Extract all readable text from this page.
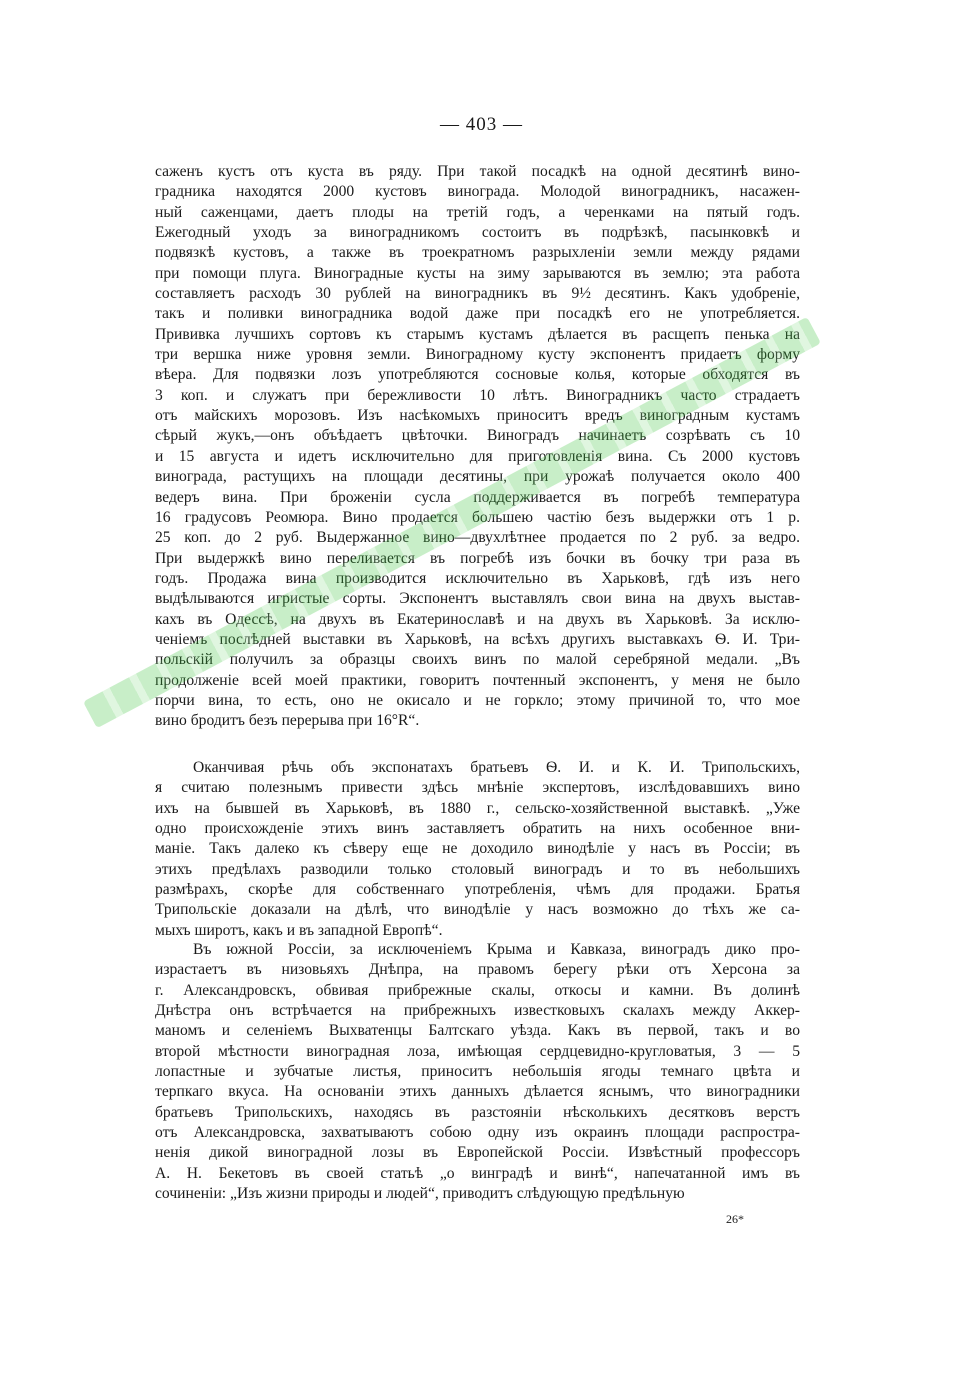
— 403 —
саженъ кустъ отъ куста въ ряду. При такой посадкѣ на одной десятинѣ вино-
градника находятся 2000 кустовъ винограда. Молодой виноградникъ, насажен-
ный саженцами, даетъ плоды на третій годъ, а черенками на пятый годъ.
Ежегодный уходъ за виноградникомъ состоитъ въ подрѣзкѣ, пасынковкѣ и
подвязкѣ кустовъ, а также въ троекратномъ разрыхленіи земли между рядами
при помощи плуга. Виноградные кусты на зиму зарываются въ землю; эта работа
составляетъ расходъ 30 рублей на виноградникъ въ 9½ десятинъ. Какъ удобреніе,
такъ и поливки виноградника водой даже при посадкѣ его не употребляется.
Прививка лучшихъ сортовъ къ старымъ кустамъ дѣлается въ расщепъ пенька на
три вершка ниже уровня земли. Виноградному кусту экспонентъ придаетъ форму
вѣера. Для подвязки лозъ употребляются сосновые колья, которые обходятся въ
3 коп. и служатъ при бережливости 10 лѣтъ. Виноградникъ часто страдаетъ
отъ майскихъ морозовъ. Изъ насѣкомыхъ приноситъ вредъ виноградным кустамъ
сѣрый жукъ,—онъ объѣдаетъ цвѣточки. Виноградъ начинаетъ созрѣвать съ 10
и 15 августа и идетъ исключительно для приготовленія вина. Съ 2000 кустовъ
винограда, растущихъ на площади десятины, при урожаѣ получается около 400
ведеръ вина. При броженіи сусла поддерживается въ погребѣ температура
16 градусовъ Реомюра. Вино продается большею частію безъ выдержки отъ 1 р.
25 коп. до 2 руб. Выдержанное вино—двухлѣтнее продается по 2 руб. за ведро.
При выдержкѣ вино переливается въ погребѣ изъ бочки въ бочку три раза въ
годъ. Продажа вина производится исключительно въ Харьковѣ, гдѣ изъ него
выдѣлываются игристые сорты. Экспонентъ выставлялъ свои вина на двухъ выстав-
кахъ въ Одессѣ, на двухъ въ Екатеринославѣ и на двухъ въ Харьковѣ. За исклю-
ченіемъ послѣдней выставки въ Харьковѣ, на всѣхъ другихъ выставкахъ Ѳ. И. Три-
польскій получилъ за образцы своихъ винъ по малой серебряной медали. „Въ
продолженіе всей моей практики, говоритъ почтенный экспонентъ, у меня не было
порчи вина, то есть, оно не окисало и не горкло; этому причиной то, что мое
вино бродитъ безъ перерыва при 16°R“.
Оканчивая рѣчь объ экспонатахъ братьевъ Ѳ. И. и К. И. Трипольскихъ,
я считаю полезнымъ привести здѣсь мнѣніе экспертовъ, изслѣдовавшихъ вино
ихъ на бывшей въ Харьковѣ, въ 1880 г., сельско-хозяйственной выставкѣ. „Уже
одно происхожденіе этихъ винъ заставляетъ обратить на нихъ особенное вни-
маніе. Такъ далеко къ сѣверу еще не доходило винодѣліе у насъ въ Россіи; въ
этихъ предѣлахъ разводили только столовый виноградъ и то въ небольшихъ
размѣрахъ, скорѣе для собственнаго употребленія, чѣмъ для продажи. Братья
Трипольскіе доказали на дѣлѣ, что винодѣліе у насъ возможно до тѣхъ же са-
мыхъ широтъ, какъ и въ западной Европѣ“.
Въ южной Россіи, за исключеніемъ Крыма и Кавказа, виноградъ дико про-
израстаетъ въ низовьяхъ Днѣпра, на правомъ берегу рѣки отъ Херсона за
г. Александровскъ, обвивая прибрежные скалы, откосы и камни. Въ долинѣ
Днѣстра онъ встрѣчается на прибрежныхъ известковыхъ скалахъ между Аккер-
маномъ и селеніемъ Выхватенцы Балтскаго уѣзда. Какъ въ первой, такъ и во
второй мѣстности виноградная лоза, имѣющая сердцевидно-кругловатыя, 3 — 5
лопастные и зубчатые листья, приноситъ небольшія ягоды темнаго цвѣта и
терпкаго вкуса. На основаніи этихъ данныхъ дѣлается яснымъ, что виноградники
братьевъ Трипольскихъ, находясь въ разстояніи нѣсколькихъ десятковъ верстъ
отъ Александровска, захватываютъ собою одну изъ окраинъ площади распростра-
ненія дикой виноградной лозы въ Европейской Россіи. Извѣстный профессоръ
А. Н. Бекетовъ въ своей статьѣ „о винградѣ и винѣ“, напечатанной имъ въ
сочиненіи: „Изъ жизни природы и людей“, приводитъ слѣдующую предѣльную
26*
